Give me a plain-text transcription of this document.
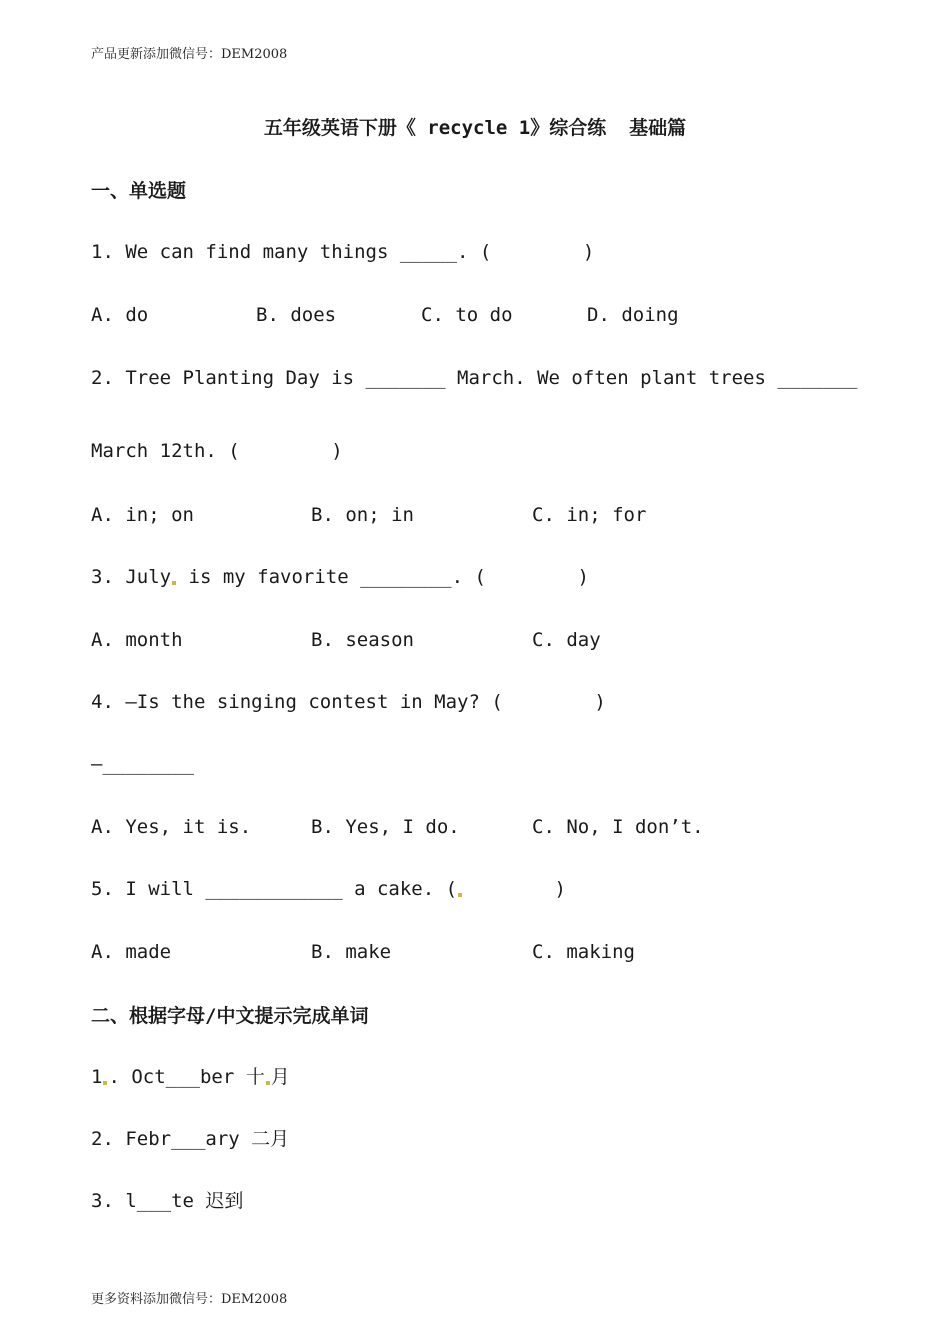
产品更新添加微信号：DEM2008
五年级英语下册《 recycle 1》综合练  基础篇
一、单选题
1. We can find many things _____. (        )
A. do	B. does	C. to do	D. doing
2. Tree Planting Day is _______ March. We often plant trees _______
March 12th. (        )
A. in; on	B. on; in	C. in; for
3. July is my favorite ________. (        )
A. month	B. season	C. day
4. —Is the singing contest in May? (        )
—________
A. Yes, it is.	B. Yes, I do.	C. No, I don’t.
5. I will ____________ a cake. (        )
A. made	B. make	C. making
二、根据字母/中文提示完成单词
1 . Oct___ber 十 月
2. Febr___ary 二月
3. l___te 迟到
更多资料添加微信号：DEM2008
